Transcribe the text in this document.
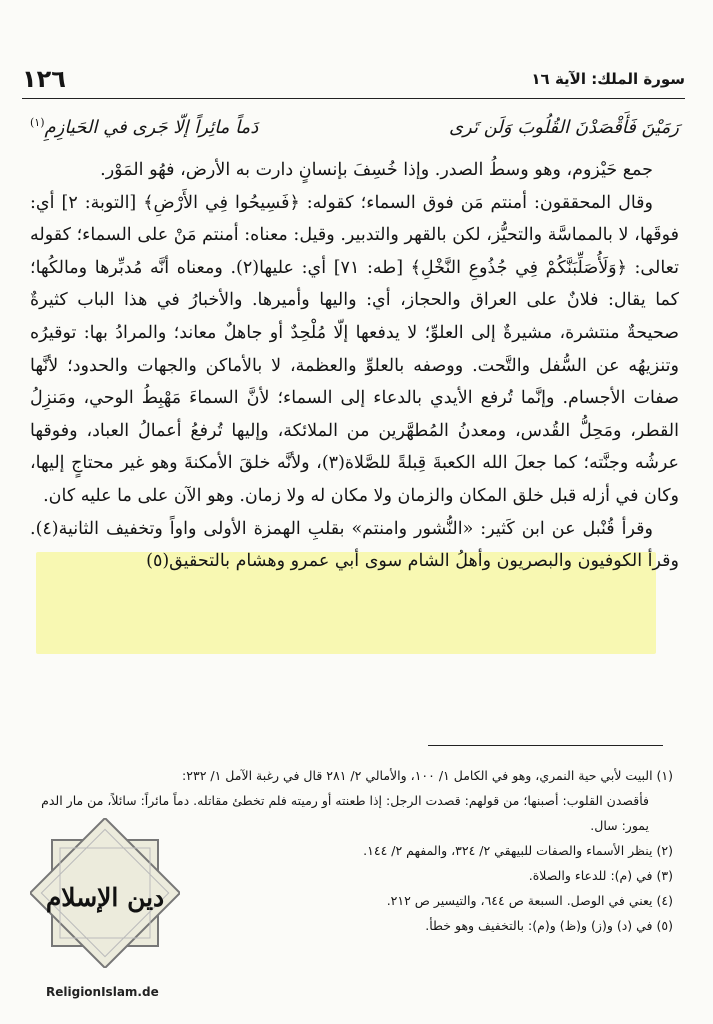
١٢٦	سورة الملك: الآية ١٦
رَمَيْنَ فَأَقْصَدْنَ القُلُوبَ وَلَن تَرى
دَماً مائِراً إلّا جَرى في الحَيازِمِ$^{(١)}$

جمع حَيْزوم، وهو وسطُ الصدر. وإذا خُسِفَ بإنسانٍ دارت به الأرض، فهُو المَوْر.

وقال المحققون: أمنتم مَن فوق السماء؛ كقوله: ﴿فَسِيحُوا فِي الأَرْضِ﴾ [التوبة: ٢] أي: فوقَها، لا بالمماسَّة والتحيُّز، لكن بالقهر والتدبير. وقيل: معناه: أمنتم مَنْ على السماء؛ كقوله تعالى: ﴿وَلَأُصَلِّبَنَّكُمْ فِي جُذُوعِ النَّخْلِ﴾ [طه: ٧١] أي: عليها(٢). ومعناه أنَّه مُدبِّرها ومالكُها؛ كما يقال: فلانٌ على العراق والحجاز، أي: واليها وأميرها. والأخبارُ في هذا الباب كثيرةٌ صحيحةٌ منتشرة، مشيرةٌ إلى العلوِّ؛ لا يدفعها إلّا مُلْحِدٌ أو جاهلٌ معاند؛ والمرادُ بها: توقيرُه وتنزيهُه عن السُّفل والتَّحت. ووصفه بالعلوِّ والعظمة، لا بالأماكن والجهات والحدود؛ لأنَّها صفات الأجسام. وإنَّما تُرفع الأيدي بالدعاء إلى السماء؛ لأنَّ السماءَ مَهْبِطُ الوحي، ومَنزِلُ القطر، ومَحِلُّ القُدس، ومعدنُ المُطهَّرين من الملائكة، وإليها تُرفعُ أعمالُ العباد، وفوقها عرشُه وجنَّته؛ كما جعلَ الله الكعبةَ قِبلةً للصَّلاة(٣)، ولأنَّه خلقَ الأمكنةَ وهو غير محتاجٍ إليها، وكان في أزله قبل خلق المكان والزمان ولا مكان له ولا زمان. وهو الآن على ما عليه كان.

وقرأ قُنْبل عن ابن كَثير: «النُّشور وامنتم» بقلبِ الهمزة الأولى واواً وتخفيف الثانية(٤). وقرأ الكوفيون والبصريون وأهلُ الشام سوى أبي عمرو وهشام بالتحقيق(٥)

(١) البيت لأبي حية النمري، وهو في الكامل ١/ ١٠٠، والأمالي ٢/ ٢٨١ قال في رغبة الآمل ١/ ٢٣٢:
فأقصدن القلوب: أصبنها؛ من قولهم: قصدت الرجل: إذا طعنته أو رميته فلم تخطئ مقاتله. دماً مائراً: سائلاً، من مار الدم يمور: سال.
(٢) ينظر الأسماء والصفات للبيهقي ٢/ ٣٢٤، والمفهم ٢/ ١٤٤.
(٣) في (م): للدعاء والصلاة.
(٤) يعني في الوصل. السبعة ص ٦٤٤، والتيسير ص ٢١٢.
(٥) في (د) و(ز) و(ظ) و(م): بالتخفيف وهو خطأ.
دين الإسلام
ReligionIslam.de
